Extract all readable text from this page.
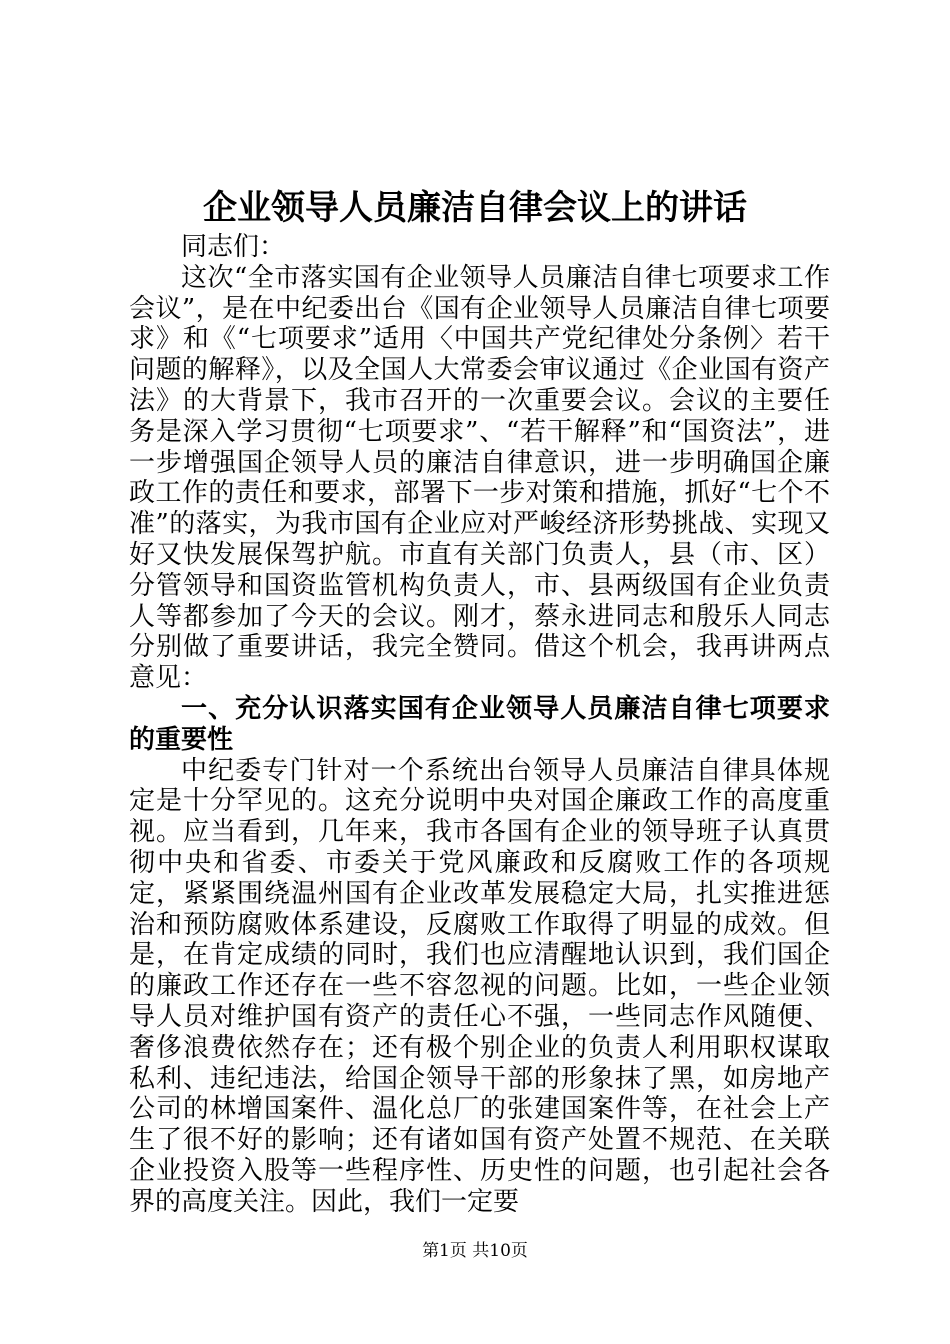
企业领导人员廉洁自律会议上的讲话

同志们：

这次“全市落实国有企业领导人员廉洁自律七项要求工作会议”，是在中纪委出台《国有企业领导人员廉洁自律七项要求》和《“七项要求”适用〈中国共产党纪律处分条例〉若干问题的解释》，以及全国人大常委会审议通过《企业国有资产法》的大背景下，我市召开的一次重要会议。会议的主要任务是深入学习贯彻“七项要求”、“若干解释”和“国资法”，进一步增强国企领导人员的廉洁自律意识，进一步明确国企廉政工作的责任和要求，部署下一步对策和措施，抓好“七个不准”的落实，为我市国有企业应对严峻经济形势挑战、实现又好又快发展保驾护航。市直有关部门负责人，县（市、区）分管领导和国资监管机构负责人，市、县两级国有企业负责人等都参加了今天的会议。刚才，蔡永进同志和殷乐人同志分别做了重要讲话，我完全赞同。借这个机会，我再讲两点意见：

一、充分认识落实国有企业领导人员廉洁自律七项要求的重要性

中纪委专门针对一个系统出台领导人员廉洁自律具体规定是十分罕见的。这充分说明中央对国企廉政工作的高度重视。应当看到，几年来，我市各国有企业的领导班子认真贯彻中央和省委、市委关于党风廉政和反腐败工作的各项规定，紧紧围绕温州国有企业改革发展稳定大局，扎实推进惩治和预防腐败体系建设，反腐败工作取得了明显的成效。但是，在肯定成绩的同时，我们也应清醒地认识到，我们国企的廉政工作还存在一些不容忽视的问题。比如，一些企业领导人员对维护国有资产的责任心不强，一些同志作风随便、奢侈浪费依然存在；还有极个别企业的负责人利用职权谋取私利、违纪违法，给国企领导干部的形象抹了黑，如房地产公司的林增国案件、温化总厂的张建国案件等，在社会上产生了很不好的影响；还有诸如国有资产处置不规范、在关联企业投资入股等一些程序性、历史性的问题，也引起社会各界的高度关注。因此，我们一定要

第1页 共10页
